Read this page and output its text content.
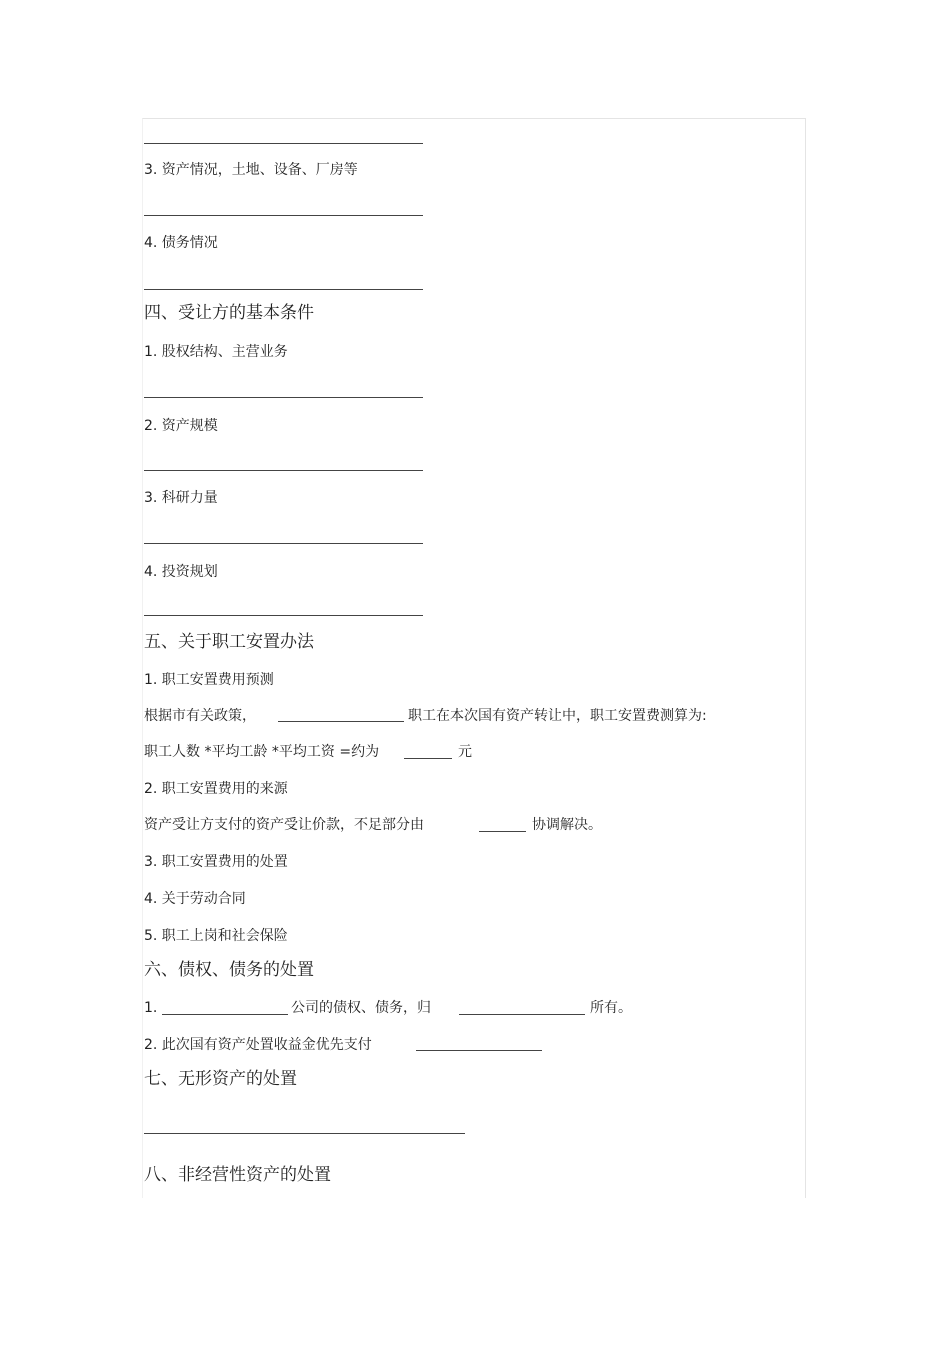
3. 资产情况，土地、设备、厂房等
4. 债务情况
四、受让方的基本条件
1. 股权结构、主营业务
2. 资产规模
3. 科研力量
4. 投资规划
五、关于职工安置办法
1. 职工安置费用预测
根据市有关政策，	职工在本次国有资产转让中，职工安置费测算为:
职工人数 *平均工龄 *平均工资 =约为	元
2. 职工安置费用的来源
资产受让方支付的资产受让价款，不足部分由	协调解决。
3. 职工安置费用的处置
4. 关于劳动合同
5. 职工上岗和社会保险
六、债权、债务的处置
1.	公司的债权、债务，归	所有。
2. 此次国有资产处置收益金优先支付
七、无形资产的处置
八、非经营性资产的处置
